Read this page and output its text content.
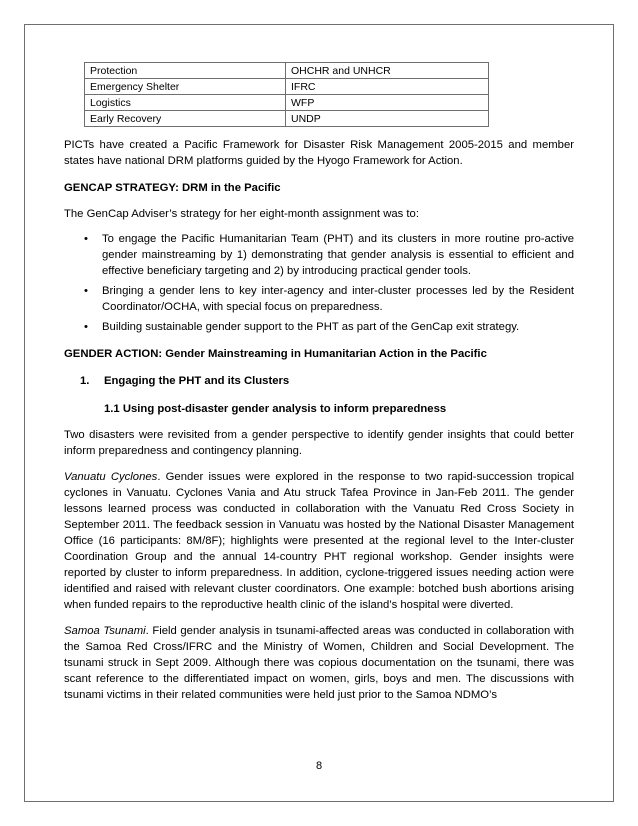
Protection	OHCHR and UNHCR
Emergency Shelter	IFRC
Logistics	WFP
Early Recovery	UNDP

PICTs have created a Pacific Framework for Disaster Risk Management 2005-2015 and member states have national DRM platforms guided by the Hyogo Framework for Action.

GENCAP STRATEGY: DRM in the Pacific

The GenCap Adviser’s strategy for her eight-month assignment was to:

• To engage the Pacific Humanitarian Team (PHT) and its clusters in more routine pro-active gender mainstreaming by 1) demonstrating that gender analysis is essential to efficient and effective beneficiary targeting and 2) by introducing practical gender tools.
• Bringing a gender lens to key inter-agency and inter-cluster processes led by the Resident Coordinator/OCHA, with special focus on preparedness.
• Building sustainable gender support to the PHT as part of the GenCap exit strategy.
GENDER ACTION: Gender Mainstreaming in Humanitarian Action in the Pacific
1. Engaging the PHT and its Clusters
1.1 Using post-disaster gender analysis to inform preparedness

Two disasters were revisited from a gender perspective to identify gender insights that could better inform preparedness and contingency planning.

Vanuatu Cyclones. Gender issues were explored in the response to two rapid-succession tropical cyclones in Vanuatu. Cyclones Vania and Atu struck Tafea Province in Jan-Feb 2011. The gender lessons learned process was conducted in collaboration with the Vanuatu Red Cross Society in September 2011. The feedback session in Vanuatu was hosted by the National Disaster Management Office (16 participants: 8M/8F); highlights were presented at the regional level to the Inter-cluster Coordination Group and the annual 14-country PHT regional workshop. Gender insights were reported by cluster to inform preparedness. In addition, cyclone-triggered issues needing action were identified and raised with relevant cluster coordinators. One example: botched bush abortions arising when funded repairs to the reproductive health clinic of the island’s hospital were diverted.

Samoa Tsunami. Field gender analysis in tsunami-affected areas was conducted in collaboration with the Samoa Red Cross/IFRC and the Ministry of Women, Children and Social Development. The tsunami struck in Sept 2009. Although there was copious documentation on the tsunami, there was scant reference to the differentiated impact on women, girls, boys and men. The discussions with tsunami victims in their related communities were held just prior to the Samoa NDMO’s

8
